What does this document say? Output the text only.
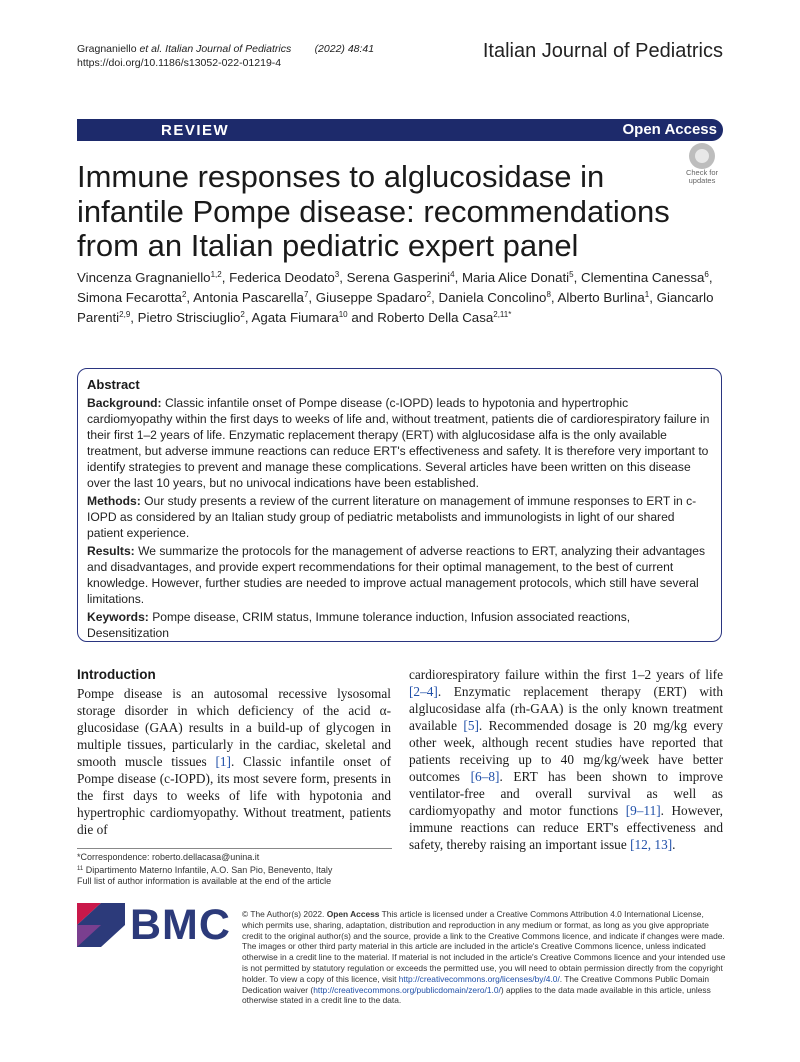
Gragnaniello et al. Italian Journal of Pediatrics (2022) 48:41
https://doi.org/10.1186/s13052-022-01219-4
Italian Journal of Pediatrics
REVIEW	Open Access
Immune responses to alglucosidase in infantile Pompe disease: recommendations from an Italian pediatric expert panel
Check for updates
Vincenza Gragnaniello$^{1,2}$, Federica Deodato$^3$, Serena Gasperini$^4$, Maria Alice Donati$^5$, Clementina Canessa$^6$, Simona Fecarotta$^2$, Antonia Pascarella$^7$, Giuseppe Spadaro$^2$, Daniela Concolino$^8$, Alberto Burlina$^1$, Giancarlo Parenti$^{2,9}$, Pietro Strisciuglio$^2$, Agata Fiumara$^{10}$ and Roberto Della Casa$^{2,11*}$
Abstract

Background: Classic infantile onset of Pompe disease (c-IOPD) leads to hypotonia and hypertrophic cardiomyopathy within the first days to weeks of life and, without treatment, patients die of cardiorespiratory failure in their first 1–2 years of life. Enzymatic replacement therapy (ERT) with alglucosidase alfa is the only available treatment, but adverse immune reactions can reduce ERT's effectiveness and safety. It is therefore very important to identify strategies to prevent and manage these complications. Several articles have been written on this disease over the last 10 years, but no univocal indications have been established.

Methods: Our study presents a review of the current literature on management of immune responses to ERT in c-IOPD as considered by an Italian study group of pediatric metabolists and immunologists in light of our shared patient experience.

Results: We summarize the protocols for the management of adverse reactions to ERT, analyzing their advantages and disadvantages, and provide expert recommendations for their optimal management, to the best of current knowledge. However, further studies are needed to improve actual management protocols, which still have several limitations.

Keywords: Pompe disease, CRIM status, Immune tolerance induction, Infusion associated reactions, Desensitization

Introduction
Pompe disease is an autosomal recessive lysosomal storage disorder in which deficiency of the acid α-glucosidase (GAA) results in a build-up of glycogen in multiple tissues, particularly in the cardiac, skeletal and smooth muscle tissues [1]. Classic infantile onset of Pompe disease (c-IOPD), its most severe form, presents in the first days to weeks of life with hypotonia and hypertrophic cardiomyopathy. Without treatment, patients die of
cardiorespiratory failure within the first 1–2 years of life [2–4]. Enzymatic replacement therapy (ERT) with alglucosidase alfa (rh-GAA) is the only known treatment available [5]. Recommended dosage is 20 mg/kg every other week, although recent studies have reported that patients receiving up to 40 mg/kg/week have better outcomes [6–8]. ERT has been shown to improve ventilator-free and overall survival as well as cardiomyopathy and motor functions [9–11]. However, immune reactions can reduce ERT's effectiveness and safety, thereby raising an important issue [12, 13].
*Correspondence: roberto.dellacasa@unina.it
$^{11}$ Dipartimento Materno Infantile, A.O. San Pio, Benevento, Italy
Full list of author information is available at the end of the article
BMC © The Author(s) 2022. Open Access This article is licensed under a Creative Commons Attribution 4.0 International License, which permits use, sharing, adaptation, distribution and reproduction in any medium or format, as long as you give appropriate credit to the original author(s) and the source, provide a link to the Creative Commons licence, and indicate if changes were made. The images or other third party material in this article are included in the article's Creative Commons licence, unless indicated otherwise in a credit line to the material. If material is not included in the article's Creative Commons licence and your intended use is not permitted by statutory regulation or exceeds the permitted use, you will need to obtain permission directly from the copyright holder. To view a copy of this licence, visit http://creativecommons.org/licenses/by/4.0/. The Creative Commons Public Domain Dedication waiver (http://creativecommons.org/publicdomain/zero/1.0/) applies to the data made available in this article, unless otherwise stated in a credit line to the data.
